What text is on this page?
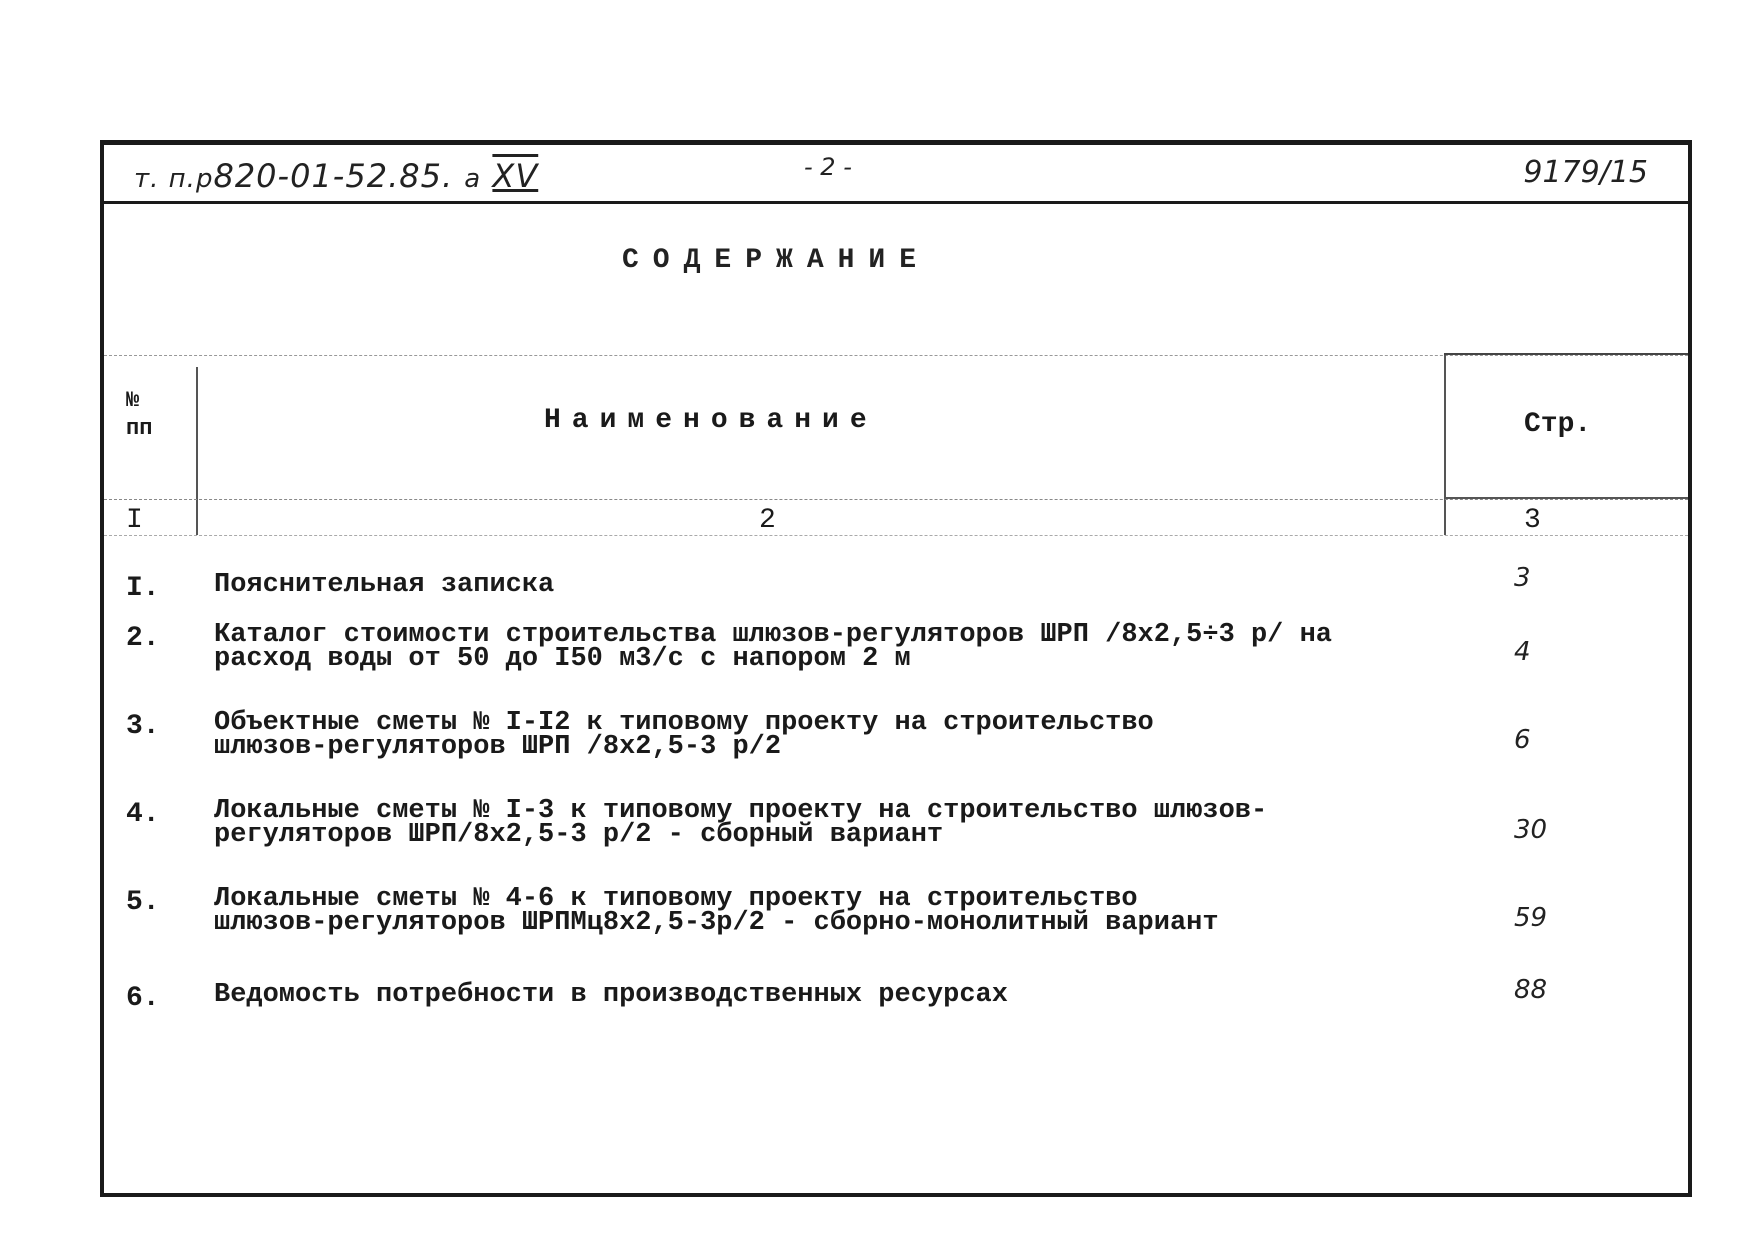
т. п.р820-01-52.85. а XV	- 2 -	9179/15
СОДЕРЖАНИЕ
№
пп	Наименование	Стр.
I	2	3
I. Пояснительная записка	3
2. Каталог стоимости строительства шлюзов-регуляторов ШРП /8х2,5÷3 р/ на
расход воды от 50 до I50 м3/с с напором 2 м	4
3. Объектные сметы № I-I2 к типовому проекту на строительство
шлюзов-регуляторов ШРП /8х2,5-3 р/2	6
4. Локальные сметы № I-3 к типовому проекту на строительство шлюзов-
регуляторов ШРП/8х2,5-3 р/2 - сборный вариант	30
5. Локальные сметы № 4-6 к типовому проекту на строительство
шлюзов-регуляторов ШРПМц8х2,5-3р/2 - сборно-монолитный вариант	59
6. Ведомость потребности в производственных ресурсах	88
